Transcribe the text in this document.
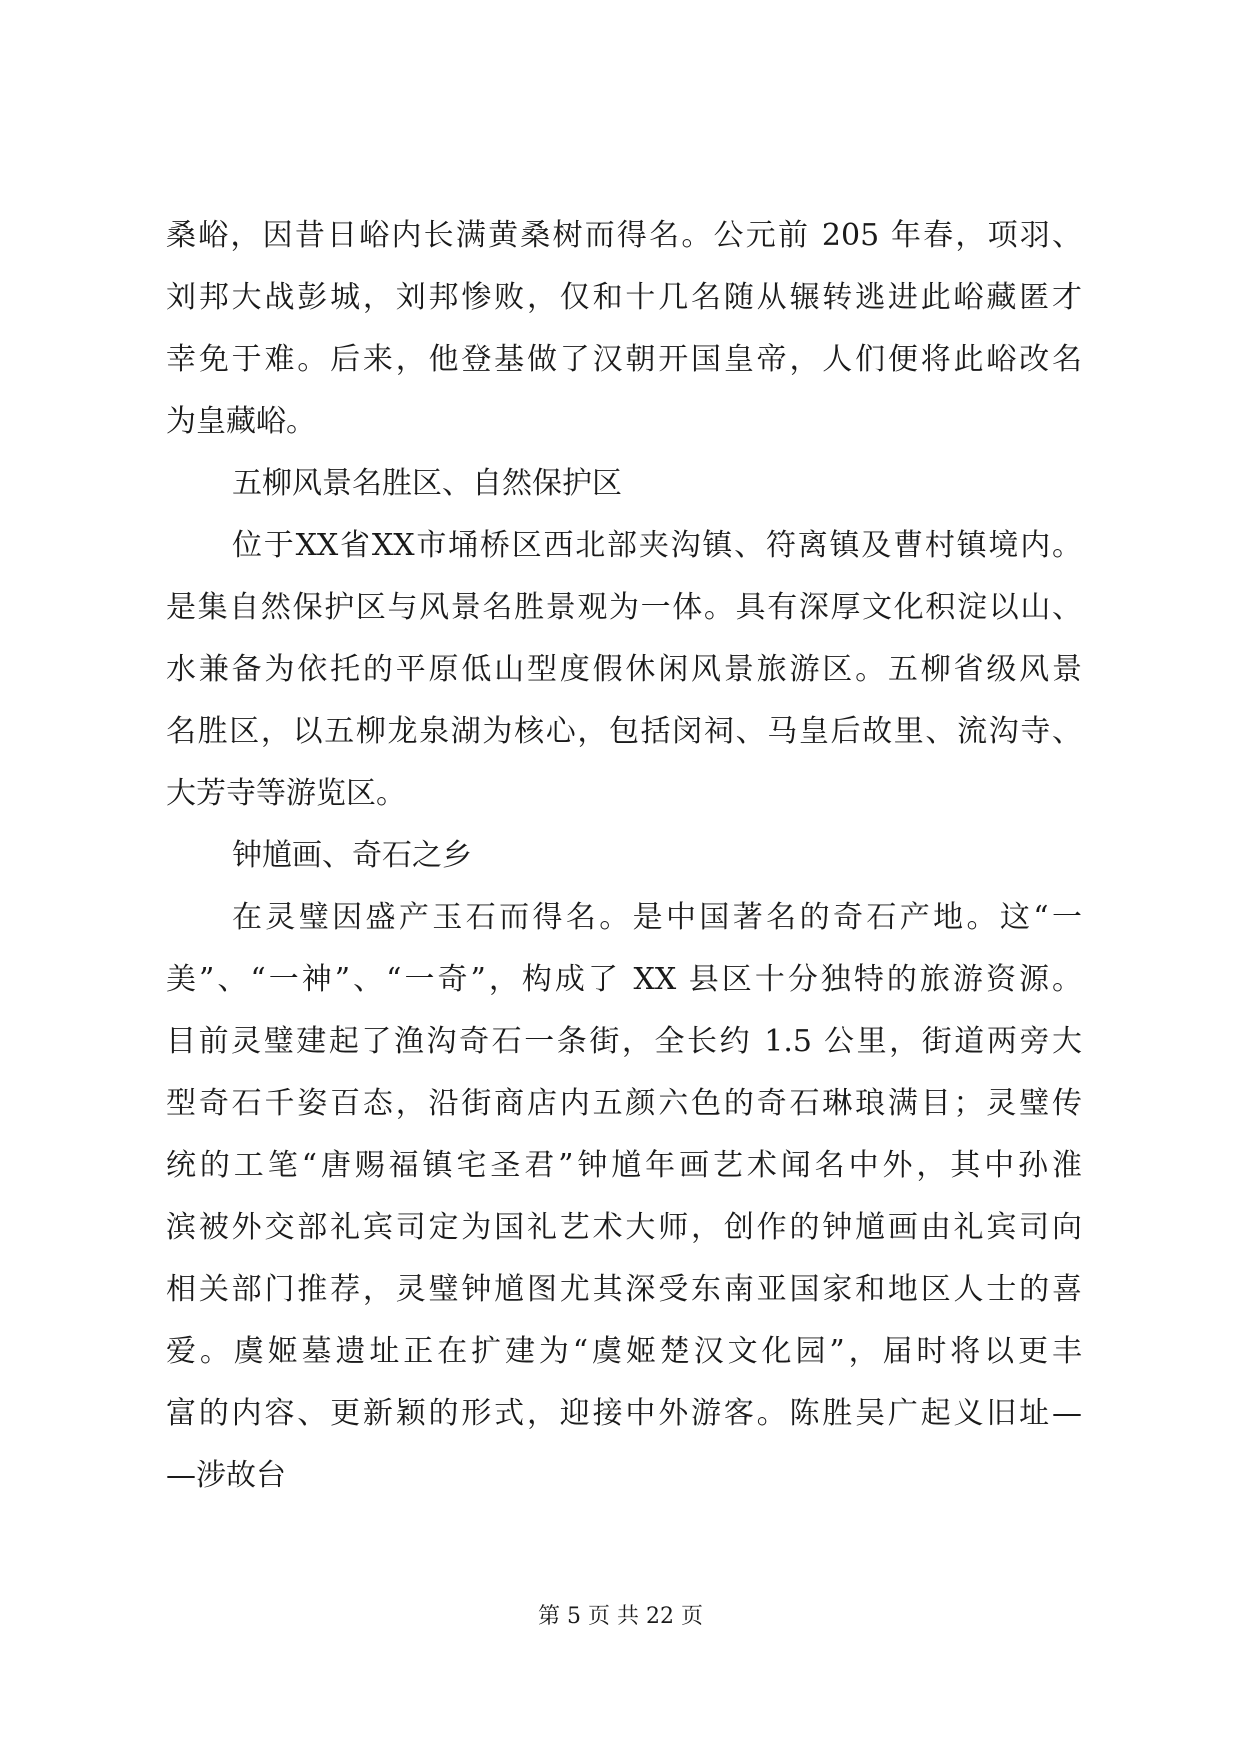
桑峪，因昔日峪内长满黄桑树而得名。公元前 205 年春，项羽、
刘邦大战彭城，刘邦惨败，仅和十几名随从辗转逃进此峪藏匿才
幸免于难。后来，他登基做了汉朝开国皇帝，人们便将此峪改名
为皇藏峪。
五柳风景名胜区、自然保护区
位于XX省XX市埇桥区西北部夹沟镇、符离镇及曹村镇境内。
是集自然保护区与风景名胜景观为一体。具有深厚文化积淀以山、
水兼备为依托的平原低山型度假休闲风景旅游区。五柳省级风景
名胜区，以五柳龙泉湖为核心，包括闵祠、马皇后故里、流沟寺、
大芳寺等游览区。
钟馗画、奇石之乡
在灵璧因盛产玉石而得名。是中国著名的奇石产地。这“一
美”、“一神”、“一奇”，构成了 XX 县区十分独特的旅游资源。
目前灵璧建起了渔沟奇石一条街，全长约 1.5 公里，街道两旁大
型奇石千姿百态，沿街商店内五颜六色的奇石琳琅满目；灵璧传
统的工笔“唐赐福镇宅圣君”钟馗年画艺术闻名中外，其中孙淮
滨被外交部礼宾司定为国礼艺术大师，创作的钟馗画由礼宾司向
相关部门推荐，灵璧钟馗图尤其深受东南亚国家和地区人士的喜
爱。虞姬墓遗址正在扩建为“虞姬楚汉文化园”，届时将以更丰
富的内容、更新颖的形式，迎接中外游客。陈胜吴广起义旧址—
—涉故台
第 5 页 共 22 页
